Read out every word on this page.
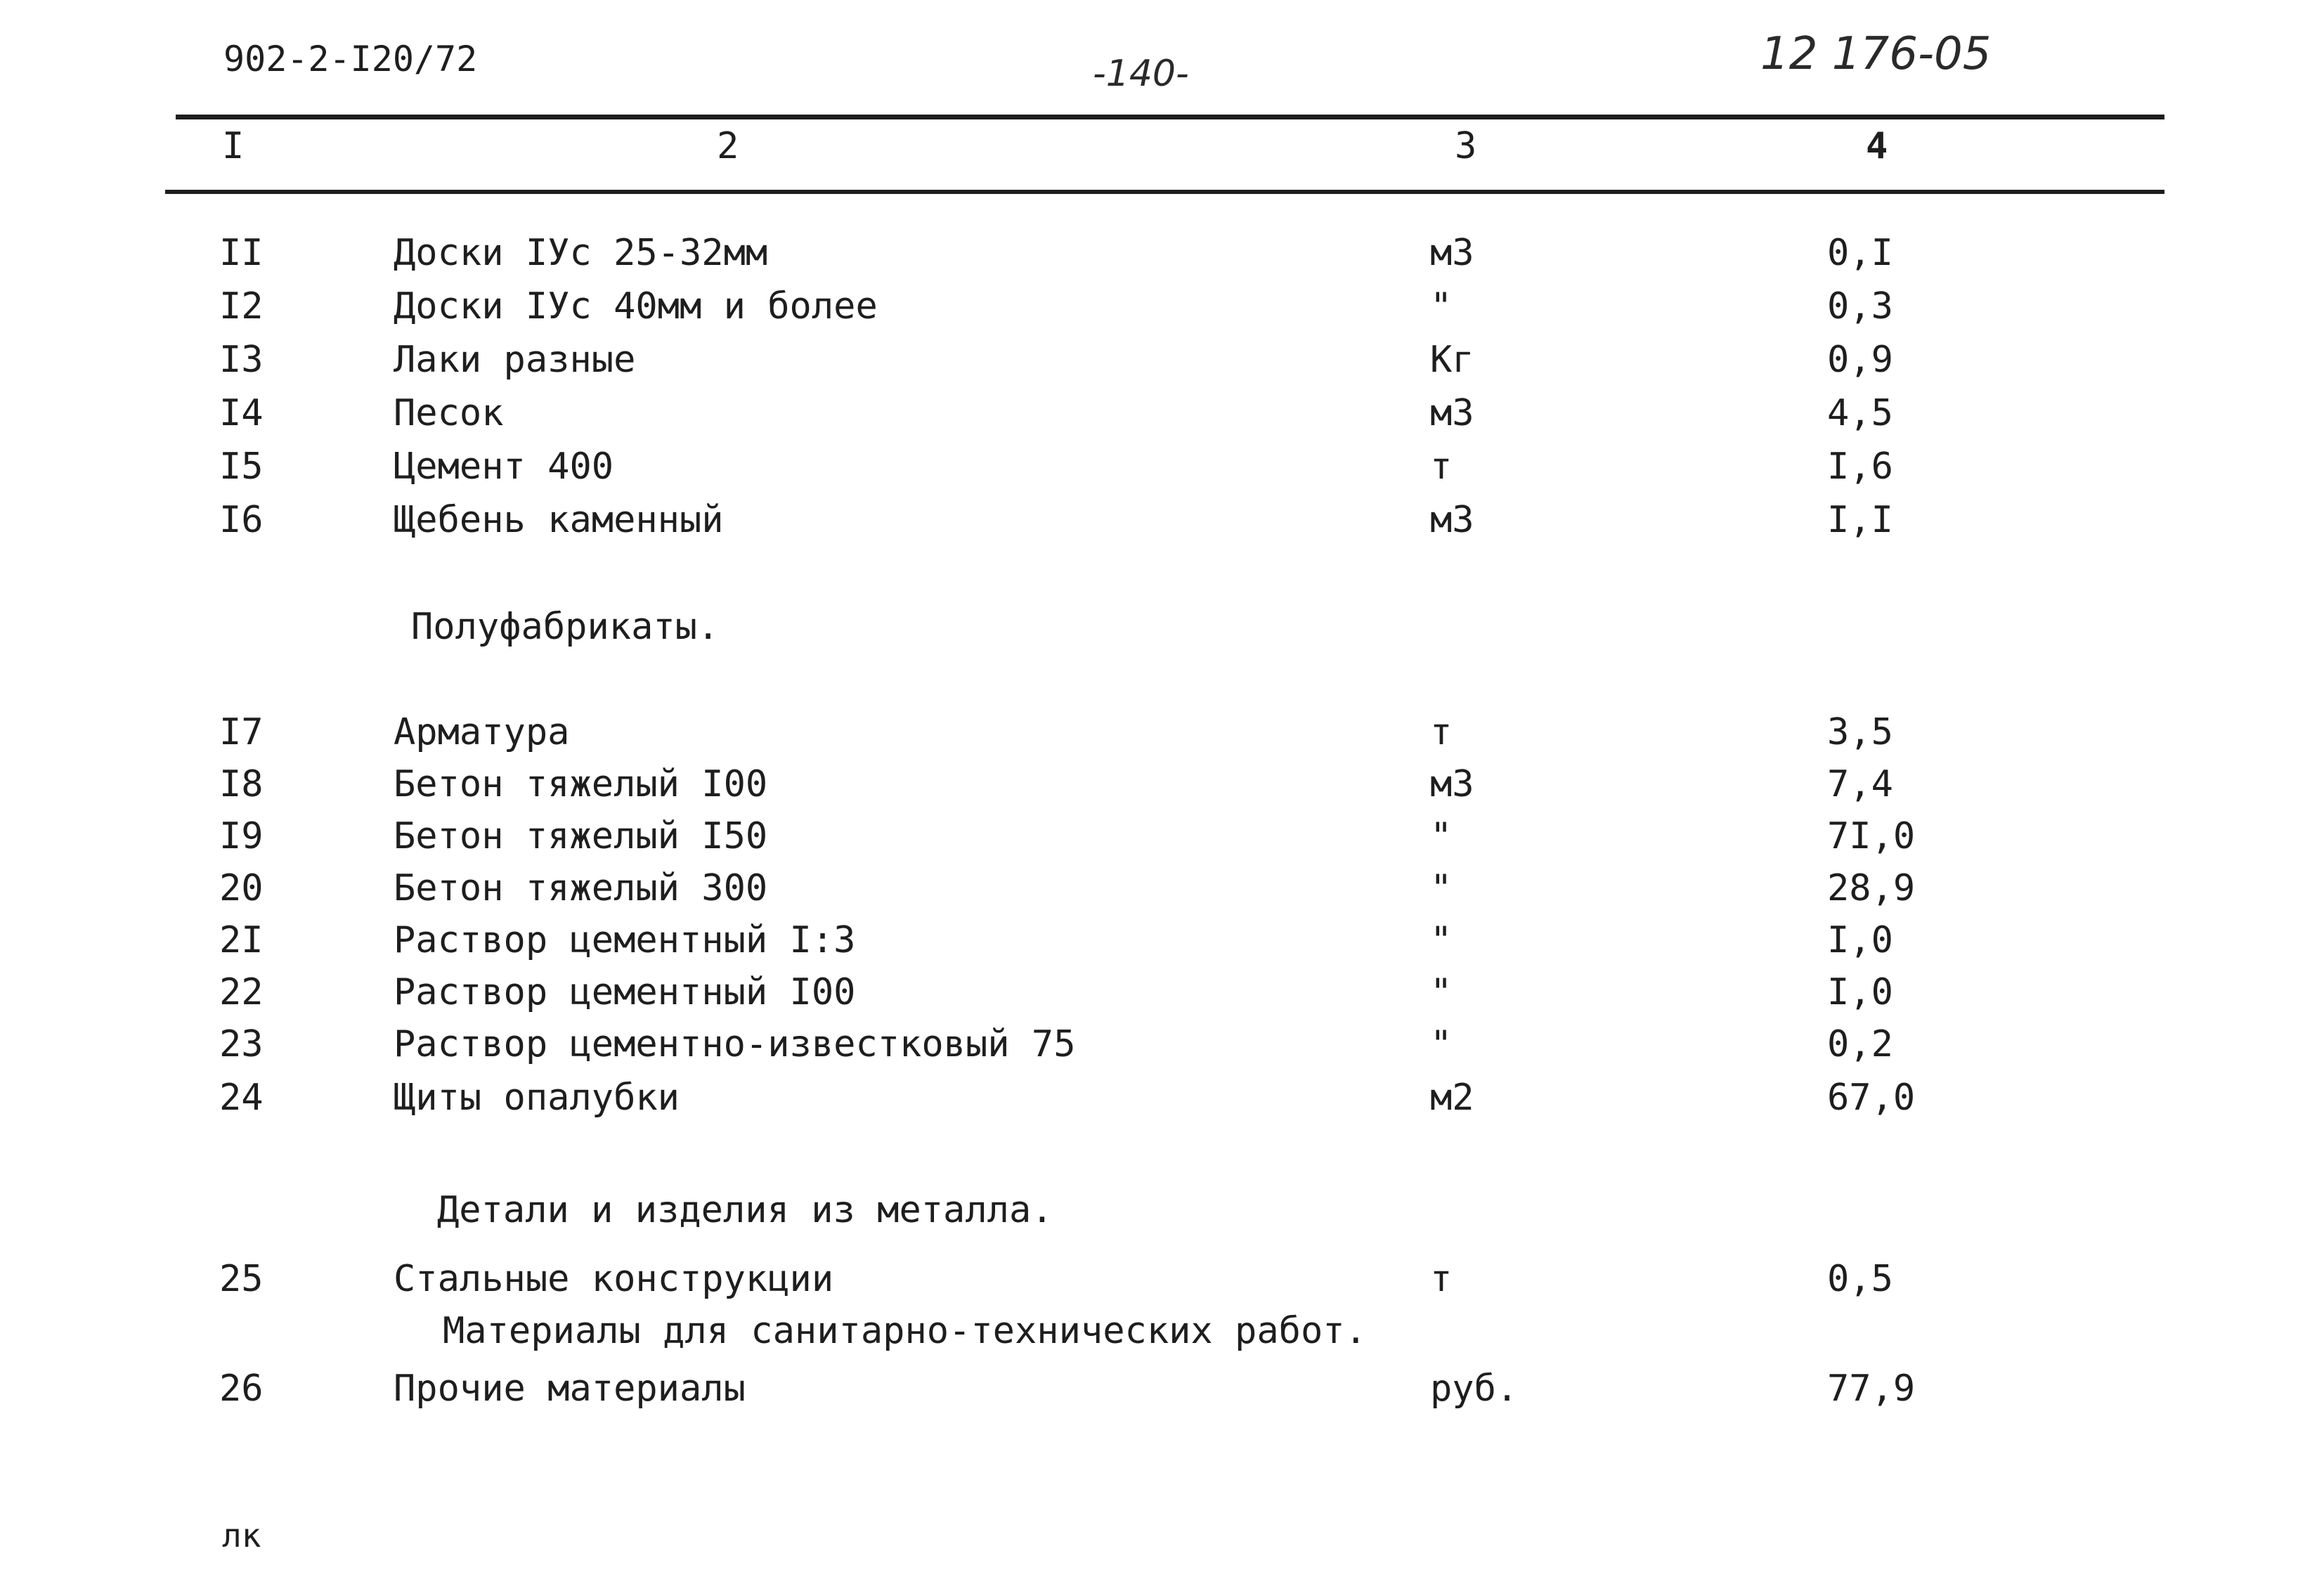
902-2-I20/72	-140-	12 176-05
I	2	3	4
II	Доски IУс 25-32мм	м3	0,I
I2	Доски IУс 40мм и более	"	0,3
I3	Лаки разные	Кг	0,9
I4	Песок	м3	4,5
I5	Цемент 400	т	I,6
I6	Щебень каменный	м3	I,I
Полуфабрикаты.
I7	Арматура	т	3,5
I8	Бетон тяжелый I00	м3	7,4
I9	Бетон тяжелый I50	"	7I,0
20	Бетон тяжелый 300	"	28,9
2I	Раствор цементный I:3	"	I,0
22	Раствор цементный I00	"	I,0
23	Раствор цементно-известковый 75	"	0,2
24	Щиты опалубки	м2	67,0
Детали и изделия из металла.
25	Стальные конструкции	т	0,5
Материалы для санитарно-технических работ.
26	Прочие материалы	руб.	77,9
лк
